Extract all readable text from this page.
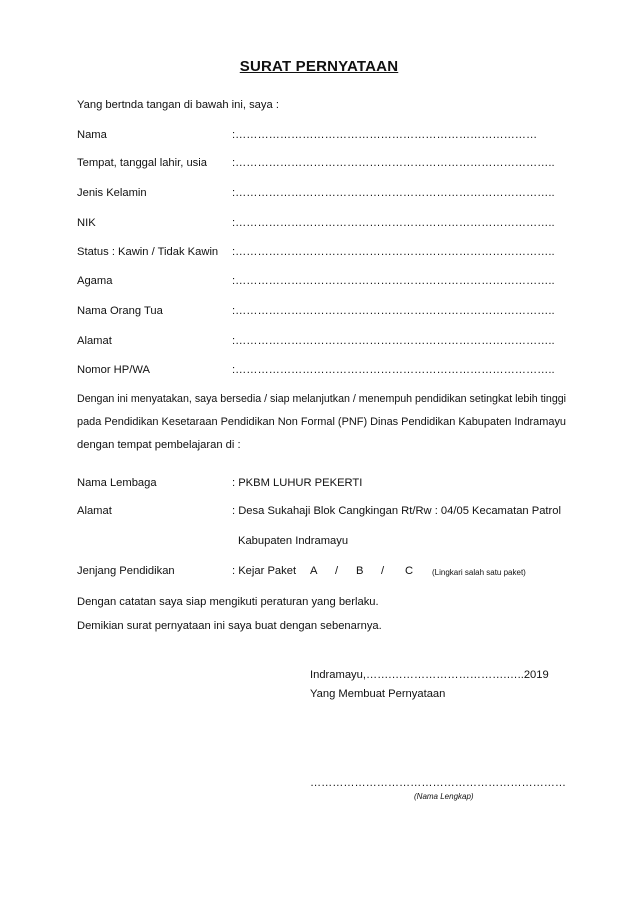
SURAT PERNYATAAN
Yang bertnda tangan di bawah ini, saya :
Nama	:………………………………………………………………………
Tempat, tanggal lahir, usia :…………………………………………………………………………..
Jenis Kelamin	:…………………………………………………………………………..
NIK	:…………………………………………………………………………..
Status : Kawin / Tidak Kawin :…………………………………………………………………………..
Agama	:…………………………………………………………………………..
Nama Orang Tua	:…………………………………………………………………………..
Alamat	:…………………………………………………………………………..
Nomor HP/WA	:…………………………………………………………………………..
Dengan ini menyatakan, saya bersedia / siap melanjutkan / menempuh pendidikan setingkat lebih tinggi
pada Pendidikan Kesetaraan Pendidikan Non Formal (PNF) Dinas Pendidikan Kabupaten Indramayu
dengan tempat pembelajaran di :
Nama Lembaga	: PKBM LUHUR PEKERTI
Alamat	: Desa Sukahaji Blok Cangkingan Rt/Rw : 04/05 Kecamatan Patrol
Kabupaten Indramayu
Jenjang Pendidikan	: Kejar Paket A / B / C (Lingkari salah satu paket)
Dengan catatan saya siap mengikuti peraturan yang berlaku.
Demikian surat pernyataan ini saya buat dengan sebenarnya.
Indramayu,…….………………………….…..2019
Yang Membuat Pernyataan
……………………………………………………………
(Nama Lengkap)
